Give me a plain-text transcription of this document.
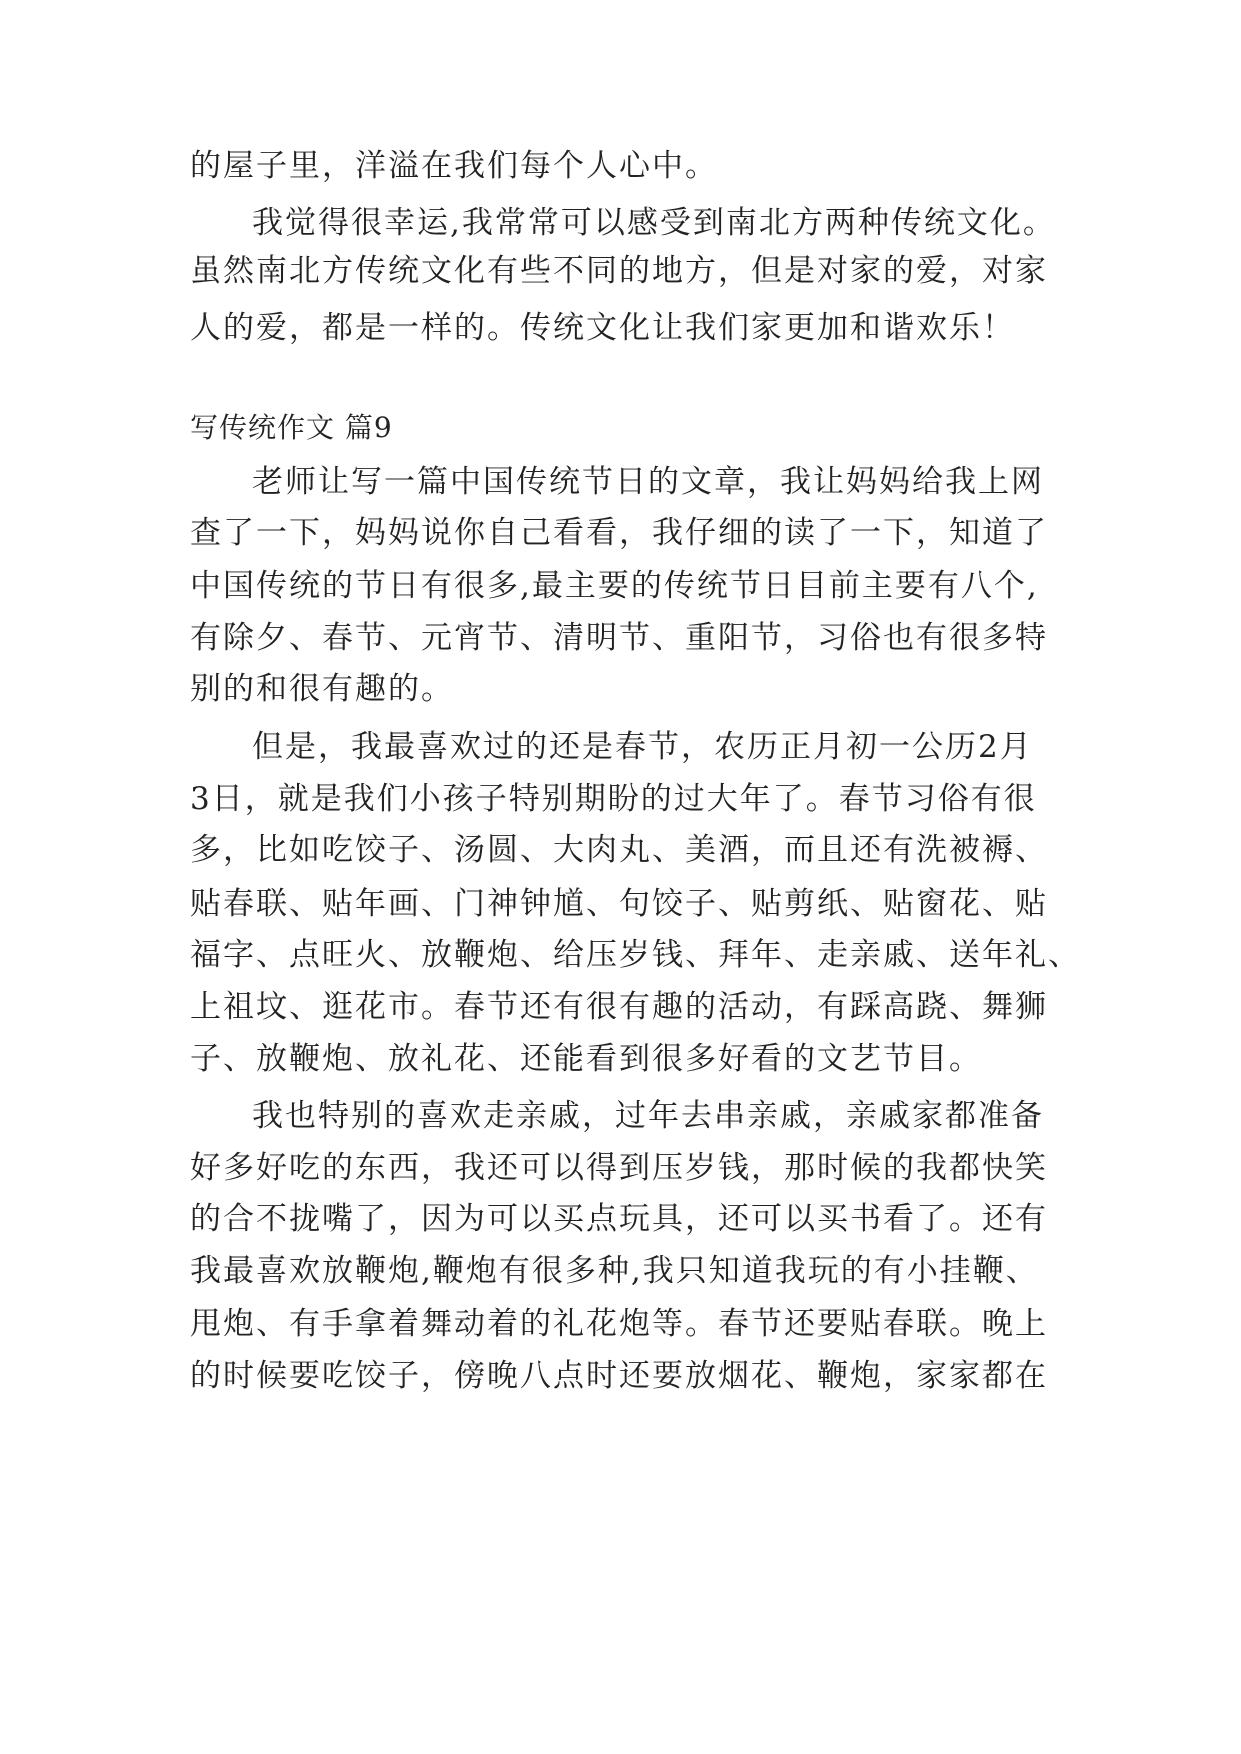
的屋子里，洋溢在我们每个人心中。
我觉得很幸运,我常常可以感受到南北方两种传统文化。
虽然南北方传统文化有些不同的地方，但是对家的爱，对家
人的爱，都是一样的。传统文化让我们家更加和谐欢乐！
写传统作文 篇9
老师让写一篇中国传统节日的文章，我让妈妈给我上网
查了一下，妈妈说你自己看看，我仔细的读了一下，知道了
中国传统的节日有很多,最主要的传统节日目前主要有八个,
有除夕、春节、元宵节、清明节、重阳节，习俗也有很多特
别的和很有趣的。
但是，我最喜欢过的还是春节，农历正月初一公历2月
3日，就是我们小孩子特别期盼的过大年了。春节习俗有很
多，比如吃饺子、汤圆、大肉丸、美酒，而且还有洗被褥、
贴春联、贴年画、门神钟馗、句饺子、贴剪纸、贴窗花、贴
福字、点旺火、放鞭炮、给压岁钱、拜年、走亲戚、送年礼、
上祖坟、逛花市。春节还有很有趣的活动，有踩高跷、舞狮
子、放鞭炮、放礼花、还能看到很多好看的文艺节目。
我也特别的喜欢走亲戚，过年去串亲戚，亲戚家都准备
好多好吃的东西，我还可以得到压岁钱，那时候的我都快笑
的合不拢嘴了，因为可以买点玩具，还可以买书看了。还有
我最喜欢放鞭炮,鞭炮有很多种,我只知道我玩的有小挂鞭、
甩炮、有手拿着舞动着的礼花炮等。春节还要贴春联。晚上
的时候要吃饺子，傍晚八点时还要放烟花、鞭炮，家家都在
